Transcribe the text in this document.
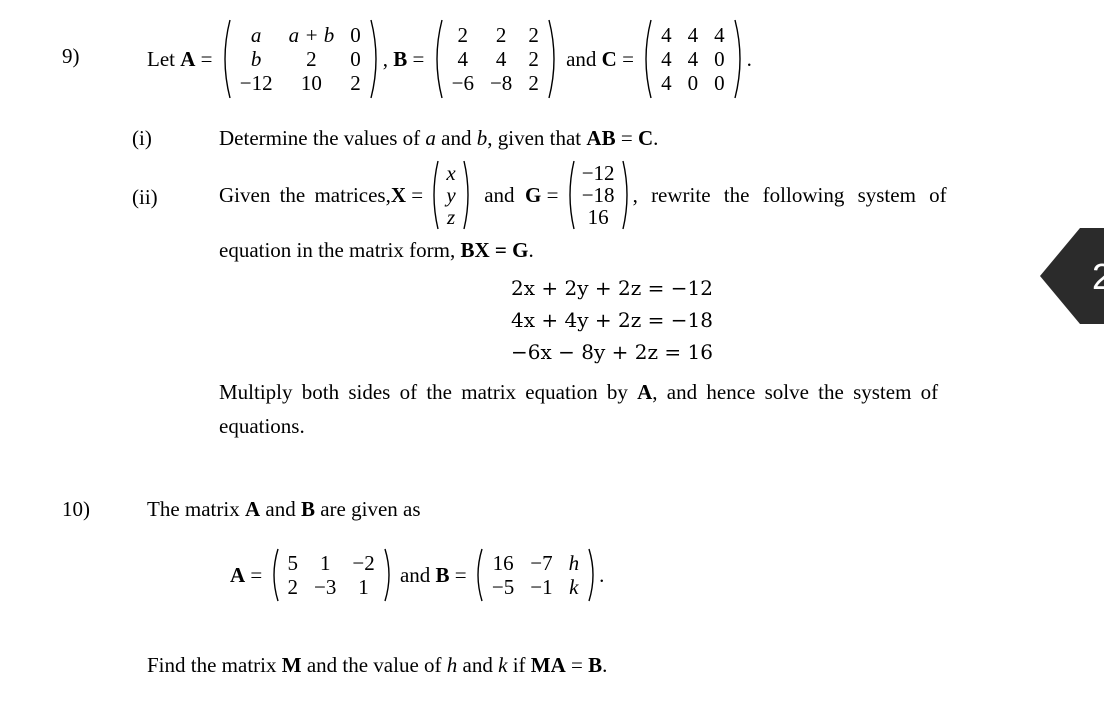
9)	Let
A =
a	a + b	0
b	2	0
−12	10	2
, B =
2	2	2
4	4	2
−6	−8	2

and
C =
4	4	4
4	4	0
4	0	0
.
(i)	Determine the values of a and b, given that AB = C.
(ii)	Given the matrices, X =
x
y
z

and
G =
−12
−18
16
, rewrite the following system of
equation in the matrix form, BX = G.
2x + 2y + 2z = −12
4x + 4y + 2z = −18
−6x − 8y + 2z = 16
Multiply both sides of the matrix equation by A, and hence solve the system of
equations.
2
10)	The matrix A and B are given as
A = 5	1	−2
2	−3	1

and
B = 16	−7	h
−5	−1	k
.
Find the matrix M and the value of h and k if MA = B.
